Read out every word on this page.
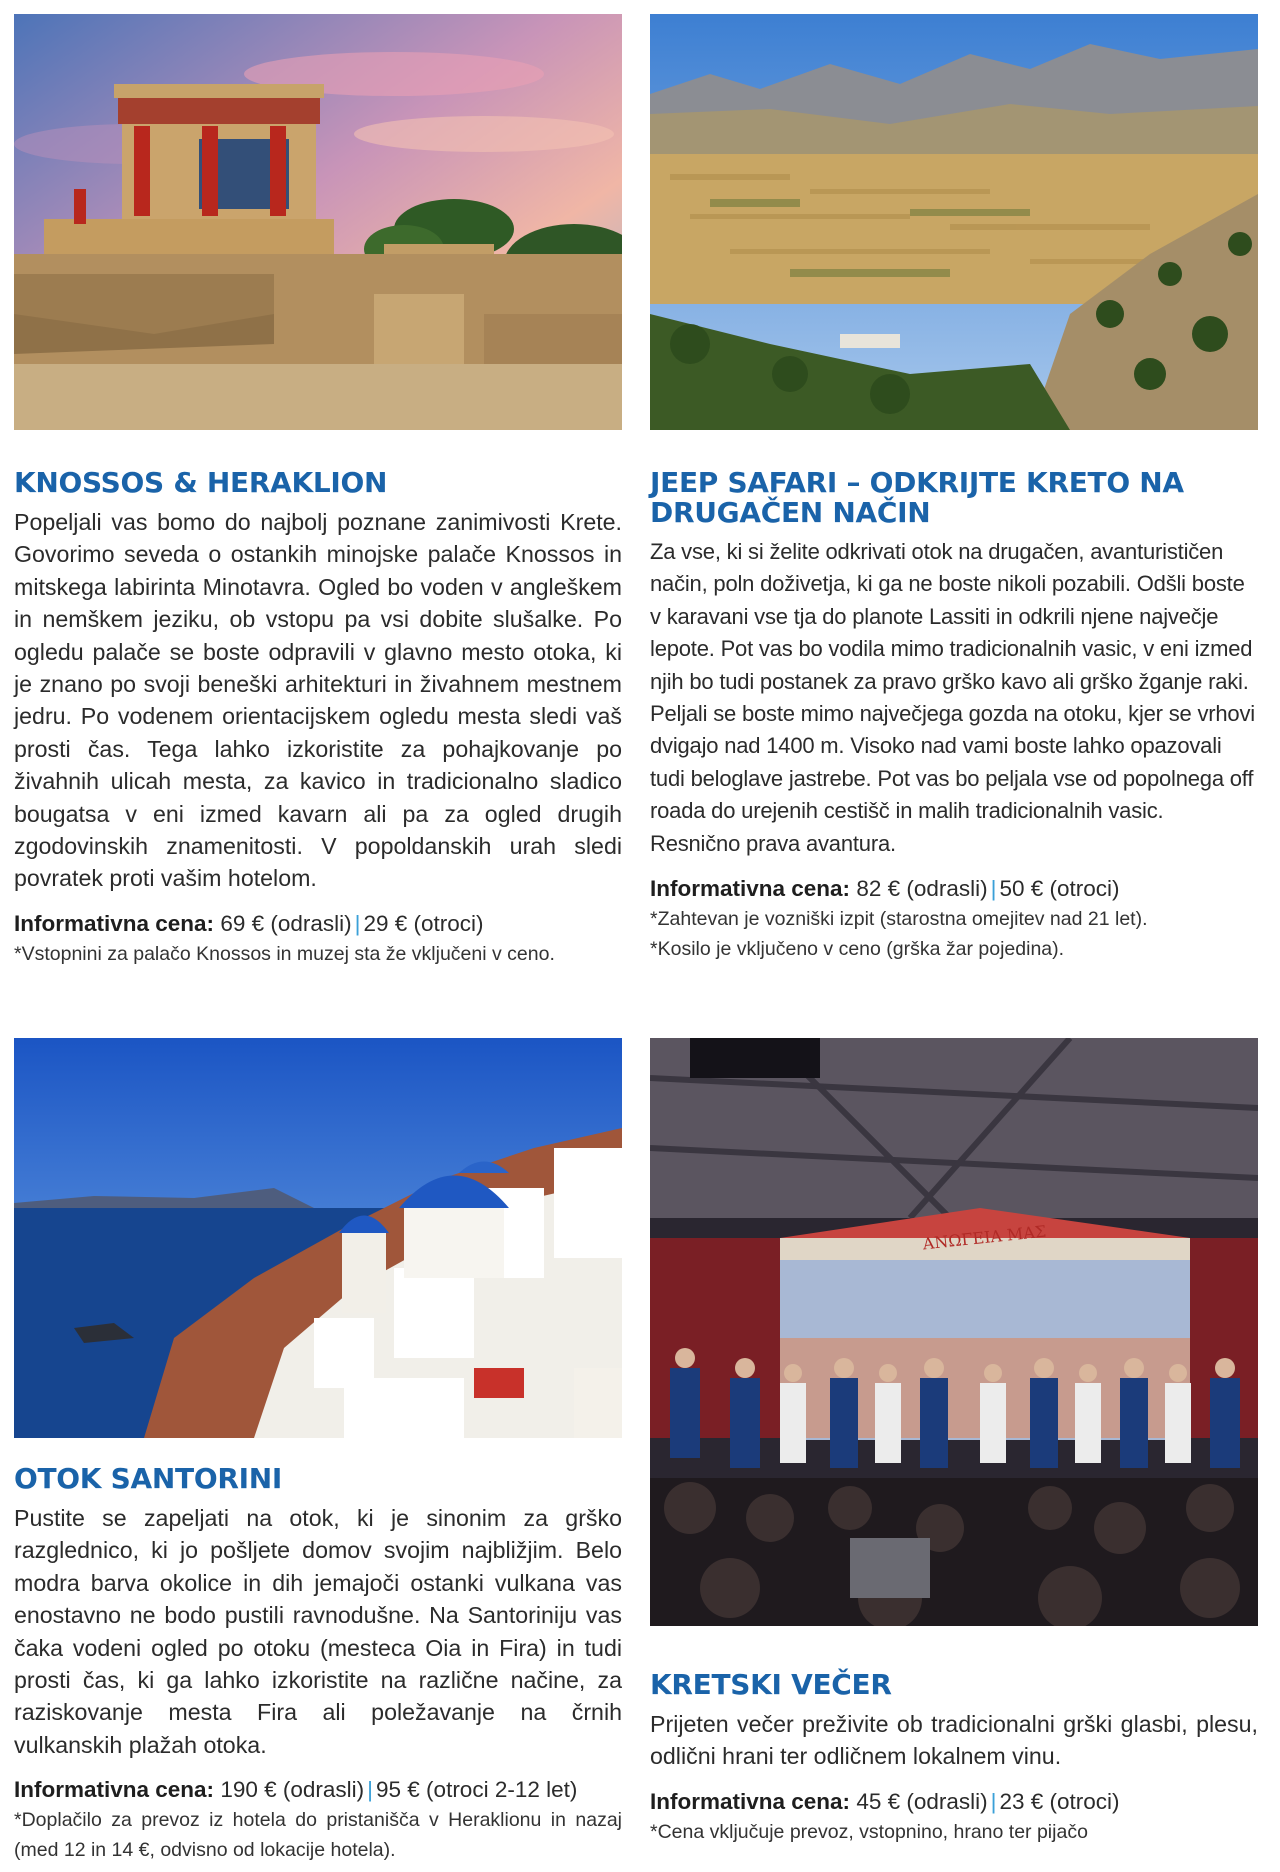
KNOSSOS & HERAKLION

Popeljali vas bomo do najbolj poznane zanimivosti Krete. Govorimo seveda o ostankih minojske palače Knossos in mitskega labirinta Minotavra. Ogled bo voden v angleškem in nemškem jeziku, ob vstopu pa vsi dobite slušalke. Po ogledu palače se boste odpravili v glavno mesto otoka, ki je znano po svoji beneški arhitekturi in živahnem mestnem jedru. Po vodenem orientacijskem ogledu mesta sledi vaš prosti čas. Tega lahko izkoristite za pohajkovanje po živahnih ulicah mesta, za kavico in tradicionalno sladico bougatsa v eni izmed kavarn ali pa za ogled drugih zgodovinskih znamenitosti. V popoldanskih urah sledi povratek proti vašim hotelom.

Informativna cena: 69 € (odrasli) | 29 € (otroci)

*Vstopnini za palačo Knossos in muzej sta že vključeni v ceno.

JEEP SAFARI – ODKRIJTE KRETO NA DRUGAČEN NAČIN

Za vse, ki si želite odkrivati otok na drugačen, avanturističen način, poln doživetja, ki ga ne boste nikoli pozabili. Odšli boste v karavani vse tja do planote Lassiti in odkrili njene največje lepote. Pot vas bo vodila mimo tradicionalnih vasic, v eni izmed njih bo tudi postanek za pravo grško kavo ali grško žganje raki. Peljali se boste mimo največjega gozda na otoku, kjer se vrhovi dvigajo nad 1400 m. Visoko nad vami boste lahko opazovali tudi beloglave jastrebe. Pot vas bo peljala vse od popolnega off roada do urejenih cestišč in malih tradicionalnih vasic. Resnično prava avantura.

Informativna cena: 82 € (odrasli) | 50 € (otroci)

*Zahtevan je vozniški izpit (starostna omejitev nad 21 let).

*Kosilo je vključeno v ceno (grška žar pojedina).

ANΩΓΕΙΑ ΜΑΣ
OTOK SANTORINI

Pustite se zapeljati na otok, ki je sinonim za grško razglednico, ki jo pošljete domov svojim najbližjim. Belo modra barva okolice in dih jemajoči ostanki vulkana vas enostavno ne bodo pustili ravnodušne. Na Santoriniju vas čaka vodeni ogled po otoku (mesteca Oia in Fira) in tudi prosti čas, ki ga lahko izkoristite na različne načine, za raziskovanje mesta Fira ali poležavanje na črnih vulkanskih plažah otoka.

Informativna cena: 190 € (odrasli) | 95 € (otroci 2-12 let)

*Doplačilo za prevoz iz hotela do pristanišča v Heraklionu in nazaj (med 12 in 14 €, odvisno od lokacije hotela).

KRETSKI VEČER

Prijeten večer preživite ob tradicionalni grški glasbi, plesu, odlični hrani ter odličnem lokalnem vinu.

Informativna cena: 45 € (odrasli) | 23 € (otroci)

*Cena vključuje prevoz, vstopnino, hrano ter pijačo
